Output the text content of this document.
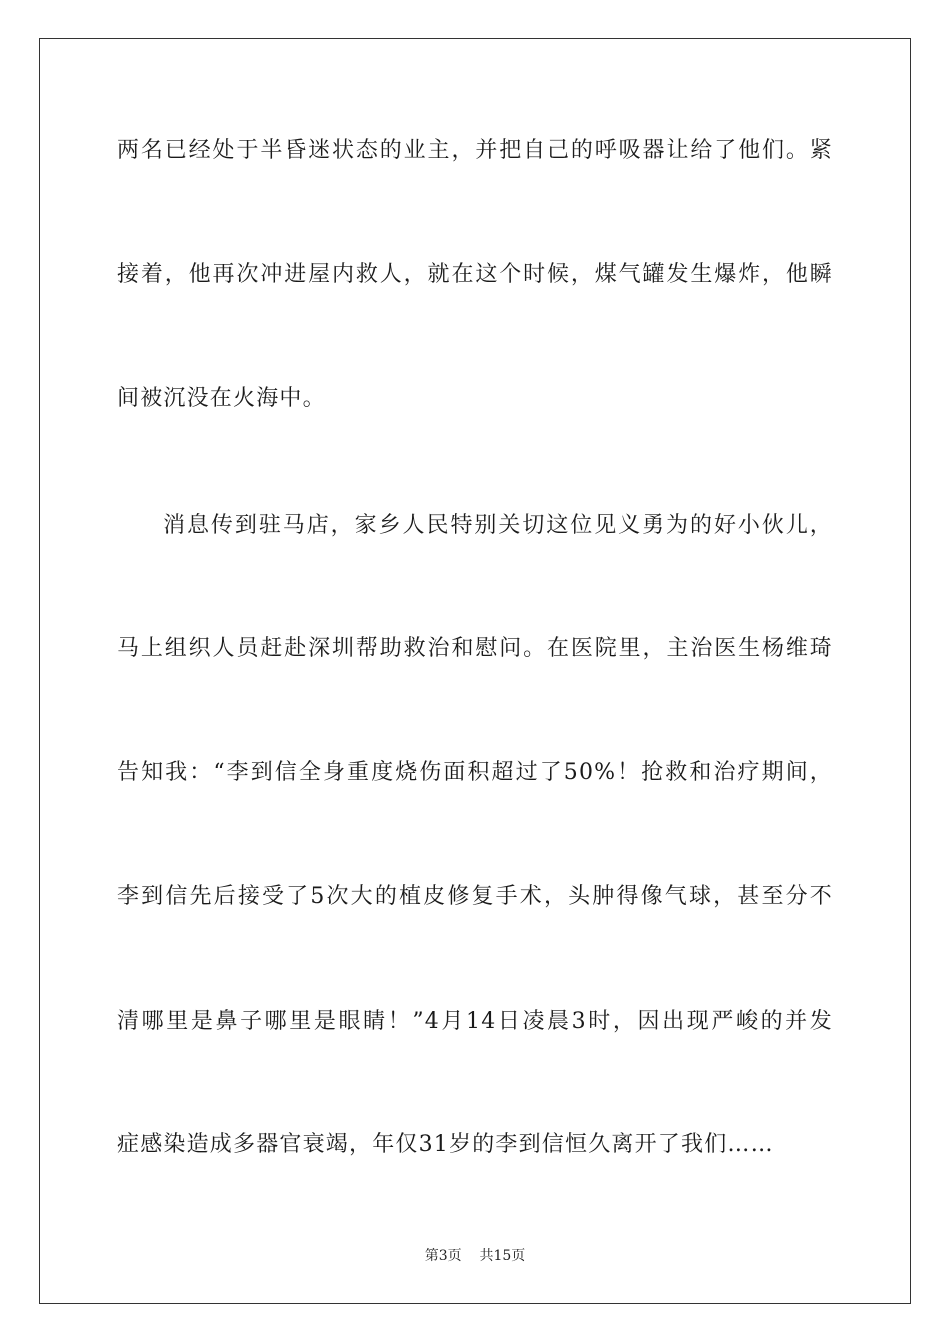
两名已经处于半昏迷状态的业主，并把自己的呼吸器让给了他们。紧
接着，他再次冲进屋内救人，就在这个时候，煤气罐发生爆炸，他瞬
间被沉没在火海中。
消息传到驻马店，家乡人民特别关切这位见义勇为的好小伙儿，
马上组织人员赶赴深圳帮助救治和慰问。在医院里，主治医生杨维琦
告知我：“李到信全身重度烧伤面积超过了50%！抢救和治疗期间，
李到信先后接受了5次大的植皮修复手术，头肿得像气球，甚至分不
清哪里是鼻子哪里是眼睛！”4月14日凌晨3时，因出现严峻的并发
症感染造成多器官衰竭，年仅31岁的李到信恒久离开了我们……
第3页 共15页
